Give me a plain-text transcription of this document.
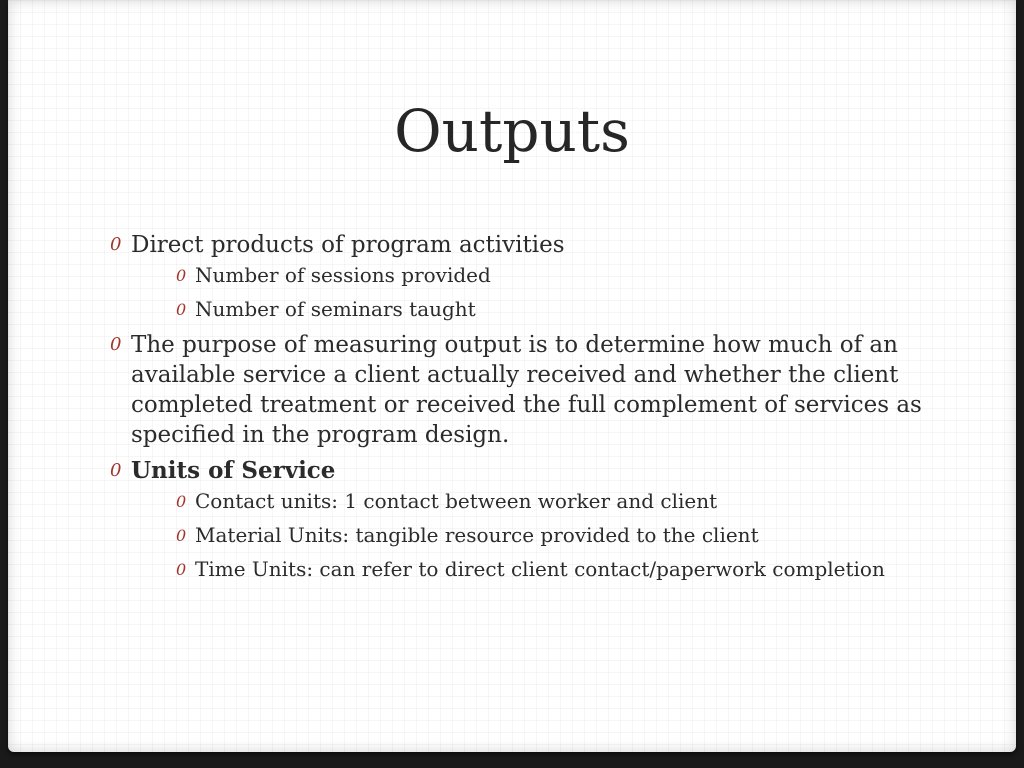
Outputs
0 Direct products of program activities
0 Number of sessions provided
0 Number of seminars taught
0 The purpose of measuring output is to determine how much of an available service a client actually received and whether the client completed treatment or received the full complement of services as specified in the program design.
0 Units of Service
0 Contact units: 1 contact between worker and client
0 Material Units: tangible resource provided to the client
0 Time Units: can refer to direct client contact/paperwork completion
